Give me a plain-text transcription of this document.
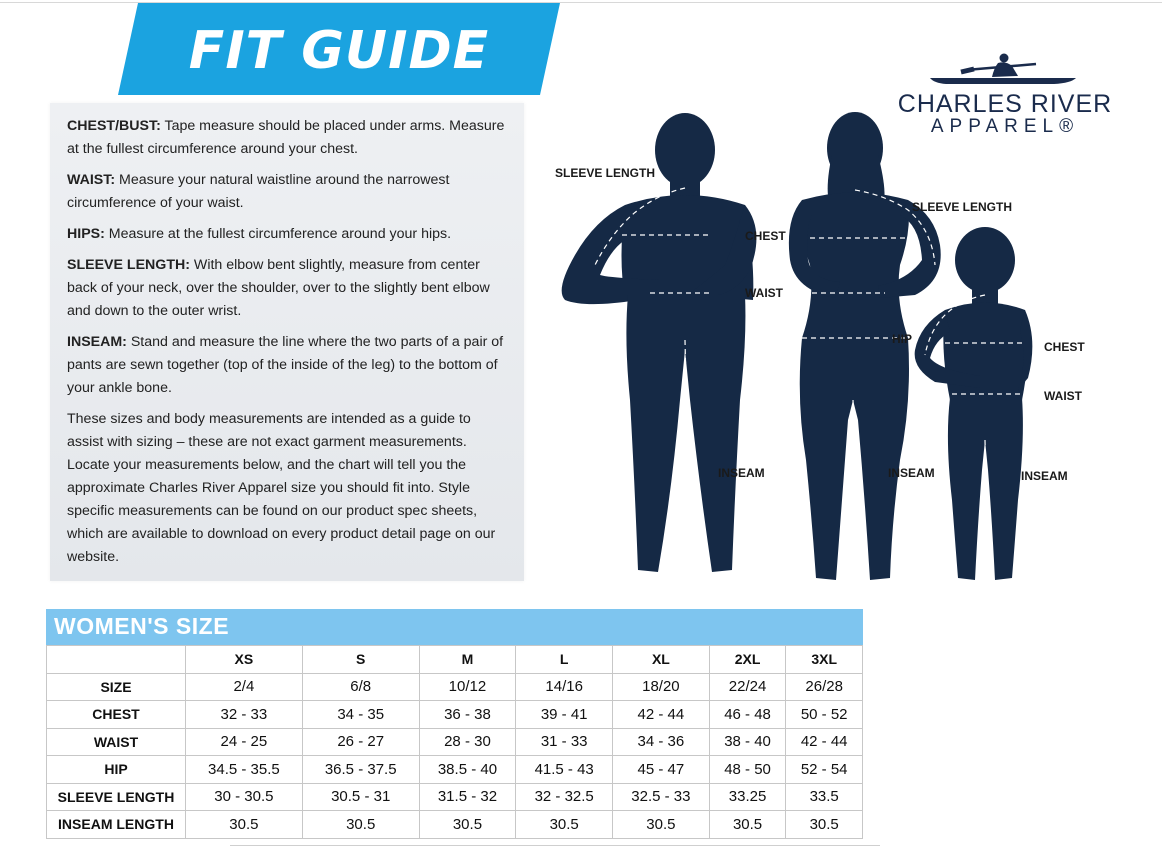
FIT GUIDE
CHARLES RIVER
APPAREL®

CHEST/BUST: Tape measure should be placed under arms. Measure at the fullest circumference around your chest.

WAIST: Measure your natural waistline around the narrowest circumference of your waist.

HIPS: Measure at the fullest circumference around your hips.

SLEEVE LENGTH: With elbow bent slightly, measure from center back of your neck, over the shoulder, over to the slightly bent elbow and down to the outer wrist.

INSEAM: Stand and measure the line where the two parts of a pair of pants are sewn together (top of the inside of the leg) to the bottom of your ankle bone.

These sizes and body measurements are intended as a guide to assist with sizing – these are not exact garment measurements. Locate your measurements below, and the chart will tell you the approximate Charles River Apparel size you should fit into. Style specific measurements can be found on our product spec sheets, which are available to download on every product detail page on our website.

SLEEVE LENGTH
CHEST
WAIST
INSEAM
SLEEVE LENGTH
HIP
INSEAM
CHEST
WAIST
INSEAM
WOMEN'S SIZE
	XS	S	M	L	XL	2XL	3XL
SIZE	2/4	6/8	10/12	14/16	18/20	22/24	26/28
CHEST	32 - 33	34 - 35	36 - 38	39 - 41	42 - 44	46 - 48	50 - 52
WAIST	24 - 25	26 - 27	28 - 30	31 - 33	34 - 36	38 - 40	42 - 44
HIP	34.5 - 35.5	36.5 - 37.5	38.5 - 40	41.5 - 43	45 - 47	48 - 50	52 - 54
SLEEVE LENGTH	30 - 30.5	30.5 - 31	31.5 - 32	32 - 32.5	32.5 - 33	33.25	33.5
INSEAM LENGTH	30.5	30.5	30.5	30.5	30.5	30.5	30.5
